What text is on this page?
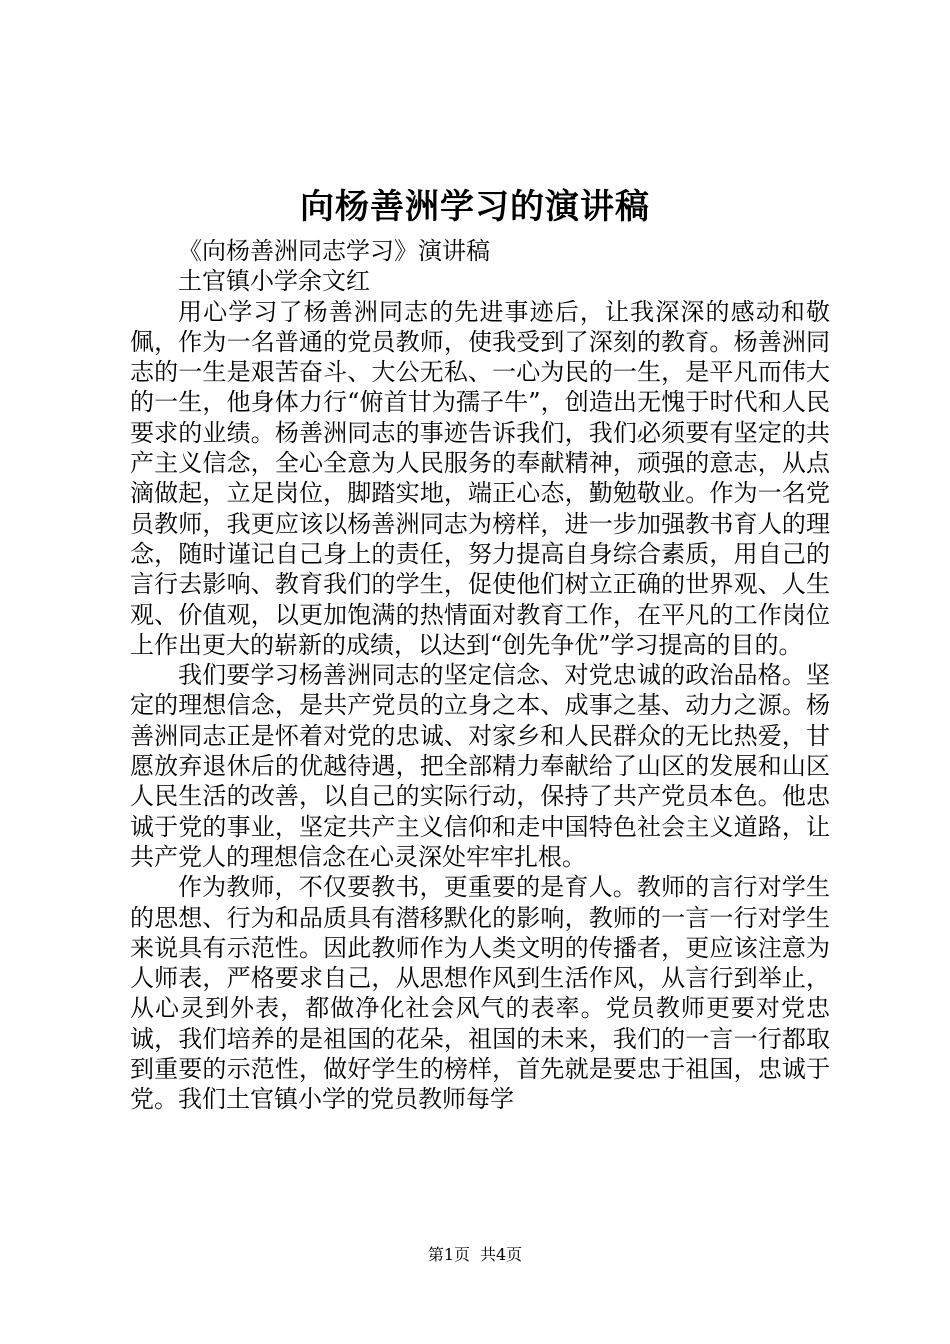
向杨善洲学习的演讲稿

《向杨善洲同志学习》演讲稿

土官镇小学余文红

用心学习了杨善洲同志的先进事迹后，让我深深的感动和敬佩，作为一名普通的党员教师，使我受到了深刻的教育。杨善洲同志的一生是艰苦奋斗、大公无私、一心为民的一生，是平凡而伟大的一生，他身体力行“俯首甘为孺子牛”，创造出无愧于时代和人民要求的业绩。杨善洲同志的事迹告诉我们，我们必须要有坚定的共产主义信念，全心全意为人民服务的奉献精神，顽强的意志，从点滴做起，立足岗位，脚踏实地，端正心态，勤勉敬业。作为一名党员教师，我更应该以杨善洲同志为榜样，进一步加强教书育人的理念，随时谨记自己身上的责任，努力提高自身综合素质，用自己的言行去影响、教育我们的学生，促使他们树立正确的世界观、人生观、价值观，以更加饱满的热情面对教育工作，在平凡的工作岗位上作出更大的崭新的成绩，以达到“创先争优”学习提高的目的。

我们要学习杨善洲同志的坚定信念、对党忠诚的政治品格。坚定的理想信念，是共产党员的立身之本、成事之基、动力之源。杨善洲同志正是怀着对党的忠诚、对家乡和人民群众的无比热爱，甘愿放弃退休后的优越待遇，把全部精力奉献给了山区的发展和山区人民生活的改善，以自己的实际行动，保持了共产党员本色。他忠诚于党的事业，坚定共产主义信仰和走中国特色社会主义道路，让共产党人的理想信念在心灵深处牢牢扎根。

作为教师，不仅要教书，更重要的是育人。教师的言行对学生的思想、行为和品质具有潜移默化的影响，教师的一言一行对学生来说具有示范性。因此教师作为人类文明的传播者，更应该注意为人师表，严格要求自己，从思想作风到生活作风，从言行到举止，从心灵到外表，都做净化社会风气的表率。党员教师更要对党忠诚，我们培养的是祖国的花朵，祖国的未来，我们的一言一行都取到重要的示范性，做好学生的榜样，首先就是要忠于祖国，忠诚于党。我们土官镇小学的党员教师每学

第1页 共4页
